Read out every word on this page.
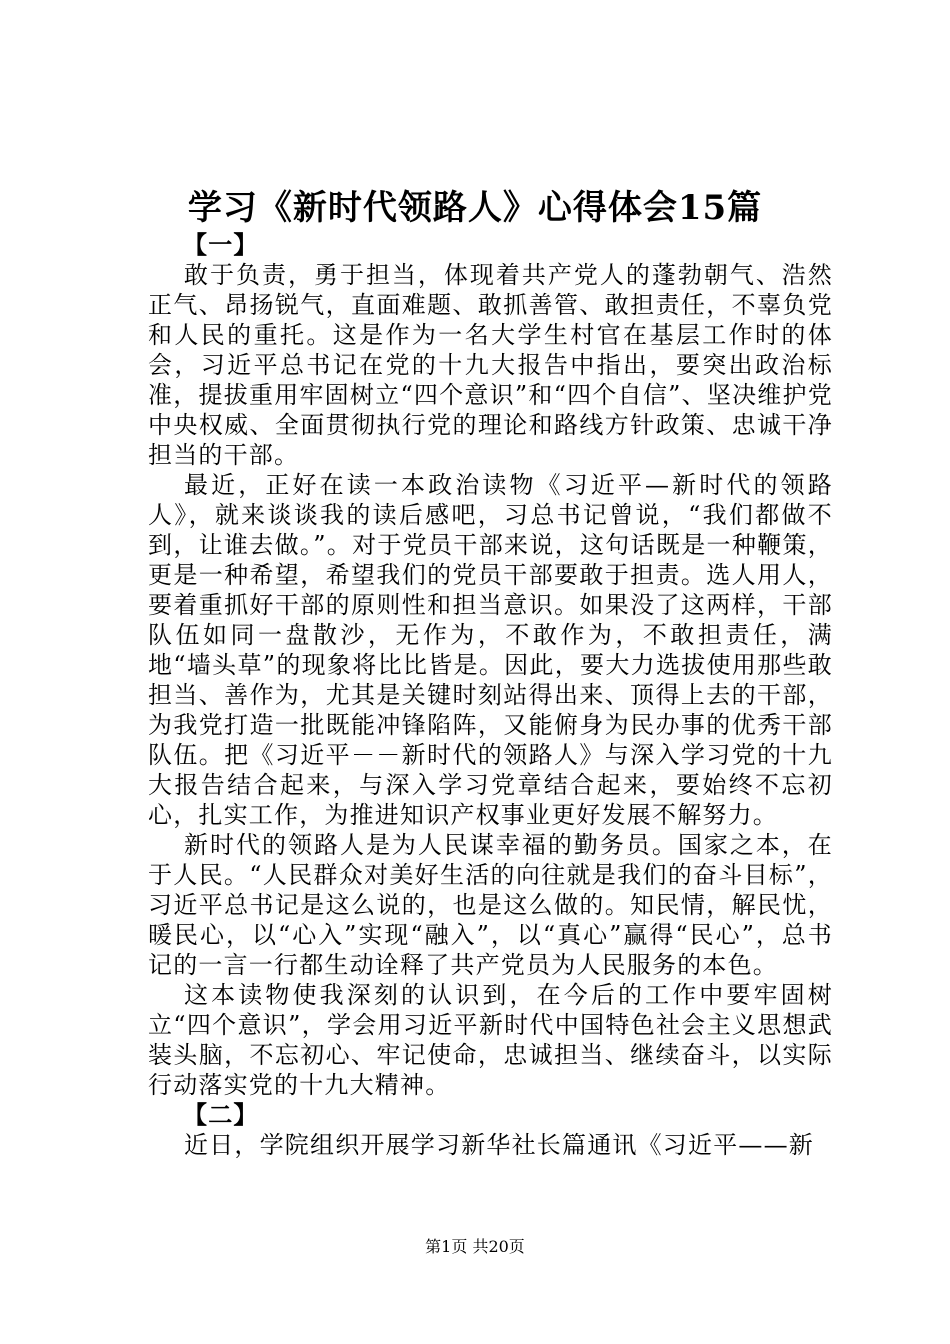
学习《新时代领路人》心得体会15篇

【一】

敢于负责，勇于担当，体现着共产党人的蓬勃朝气、浩然正气、昂扬锐气，直面难题、敢抓善管、敢担责任，不辜负党和人民的重托。这是作为一名大学生村官在基层工作时的体会，习近平总书记在党的十九大报告中指出，要突出政治标准，提拔重用牢固树立“四个意识”和“四个自信”、坚决维护党中央权威、全面贯彻执行党的理论和路线方针政策、忠诚干净担当的干部。

最近，正好在读一本政治读物《习近平—新时代的领路人》，就来谈谈我的读后感吧，习总书记曾说，“我们都做不到，让谁去做。”。对于党员干部来说，这句话既是一种鞭策，更是一种希望，希望我们的党员干部要敢于担责。选人用人，要着重抓好干部的原则性和担当意识。如果没了这两样，干部队伍如同一盘散沙，无作为，不敢作为，不敢担责任，满地“墙头草”的现象将比比皆是。因此，要大力选拔使用那些敢担当、善作为，尤其是关键时刻站得出来、顶得上去的干部，为我党打造一批既能冲锋陷阵，又能俯身为民办事的优秀干部队伍。把《习近平－－新时代的领路人》与深入学习党的十九大报告结合起来，与深入学习党章结合起来，要始终不忘初心，扎实工作，为推进知识产权事业更好发展不解努力。

新时代的领路人是为人民谋幸福的勤务员。国家之本，在于人民。“人民群众对美好生活的向往就是我们的奋斗目标”，习近平总书记是这么说的，也是这么做的。知民情，解民忧，暖民心，以“心入”实现“融入”，以“真心”赢得“民心”，总书记的一言一行都生动诠释了共产党员为人民服务的本色。

这本读物使我深刻的认识到，在今后的工作中要牢固树立“四个意识”，学会用习近平新时代中国特色社会主义思想武装头脑，不忘初心、牢记使命，忠诚担当、继续奋斗，以实际行动落实党的十九大精神。

【二】

近日，学院组织开展学习新华社长篇通讯《习近平——新

第1页 共20页
